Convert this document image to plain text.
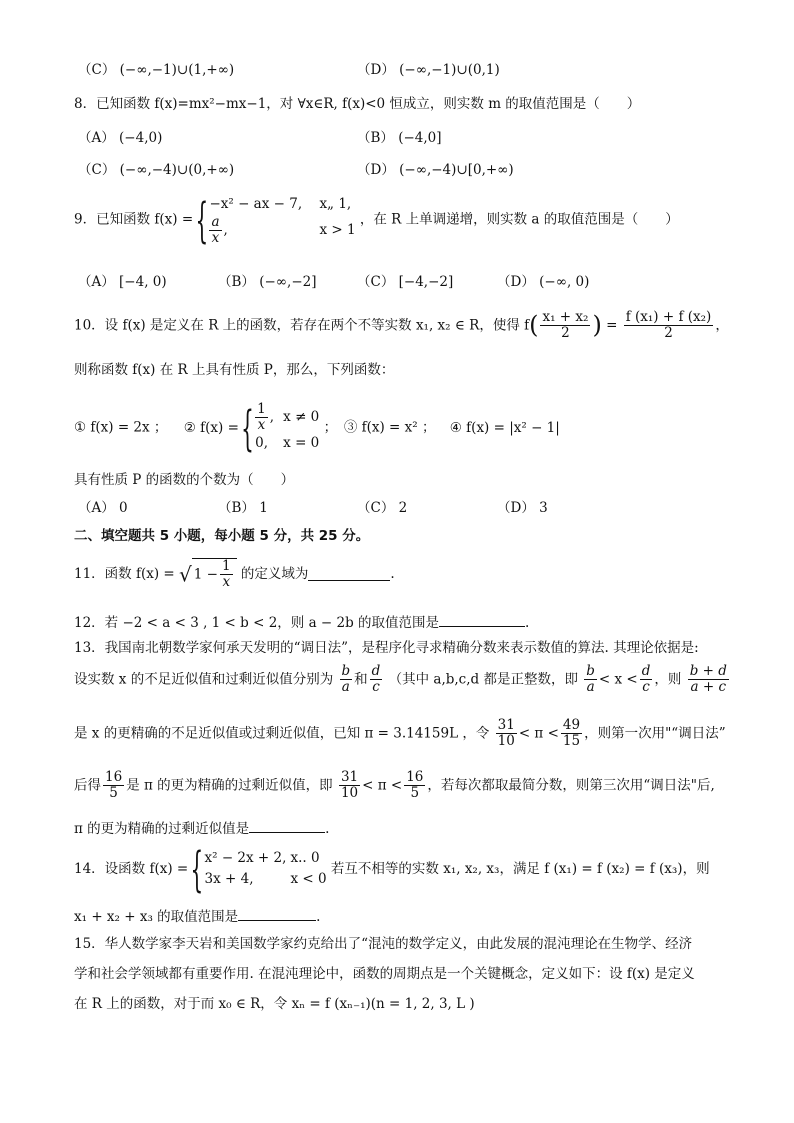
（C） (−∞,−1)∪(1,+∞)	（D） (−∞,−1)∪(0,1)
8．已知函数 f(x)=mx²−mx−1，对 ∀x∈R, f(x)<0 恒成立，则实数 m 的取值范围是（　　）
（A） (−4,0)	（B） (−4,0]
（C） (−∞,−4)∪(0,+∞)	（D） (−∞,−4)∪[0,+∞)
9．已知函数 f(x) =
{ −x² − ax − 7, x„ 1,
$\frac{a}{x}$ ,	x > 1
，在 R 上单调递增，则实数 a 的取值范围是（　　）
（A） [−4, 0)	（B） (−∞,−2]	（C） [−4,−2]	（D） (−∞, 0)
10．设 f(x) 是定义在 R 上的函数，若存在两个不等实数 x₁, x₂ ∈ R，使得 $f( \frac{\text{x₁ + x₂}}{2}$ ) = $\frac{\text{f (x₁) + f (x₂)}}{2}$ ，
则称函数 f(x) 在 R 上具有性质 P，那么，下列函数：
① f(x) = 2x ； ② f(x) =
{ $\frac{1}{x}$ , x ≠ 0
0, x = 0
；　③ f(x) = x² ； ④ f(x) = |x² − 1|
具有性质 P 的函数的个数为（　　）
（A） 0	（B） 1	（C） 2	（D） 3
二、填空题共 5 小题，每小题 5 分，共 25 分。
11．函数 f(x) = √ $1 - \frac{1}{x}$ 的定义域为	.
12．若 −2 < a < 3 , 1 < b < 2，则 a − 2b 的取值范围是	.
13．我国南北朝数学家何承天发明的“调日法”，是程序化寻求精确分数来表示数值的算法. 其理论依据是:
设实数 x 的不足近似值和过剩近似值分别为 $\frac{b}{a}$ 和 $\frac{d}{c}$ （其中 a,b,c,d 都是正整数，即 $\frac{b}{a} < x < \frac{d}{c}$ ，则 $\frac{b + d}{a + c}$
是 x 的更精确的不足近似值或过剩近似值，已知 π = 3.14159L ，令 $\frac{31}{10} < \pi < \frac{49}{15}$ ，则第一次用"“调日法”
后得 $\frac{16}{5}$ 是 π 的更为精确的过剩近似值，即 $\frac{31}{10} < \pi < \frac{16}{5}$ ，若每次都取最简分数，则第三次用“调日法"后,
π 的更为精确的过剩近似值是	.
14．设函数 f(x) =
{ x² − 2x + 2, x.. 0
3x + 4,	x < 0
若互不相等的实数 x₁, x₂, x₃，满足 f (x₁) = f (x₂) = f (x₃)，则
x₁ + x₂ + x₃ 的取值范围是	.
15．华人数学家李天岩和美国数学家约克给出了“混沌的数学定义，由此发展的混沌理论在生物学、经济
学和社会学领域都有重要作用. 在混沌理论中，函数的周期点是一个关键概念，定义如下：设 f(x) 是定义
在 R 上的函数，对于而 x₀ ∈ R，令 xₙ = f (xₙ₋₁)(n = 1, 2, 3, L )
